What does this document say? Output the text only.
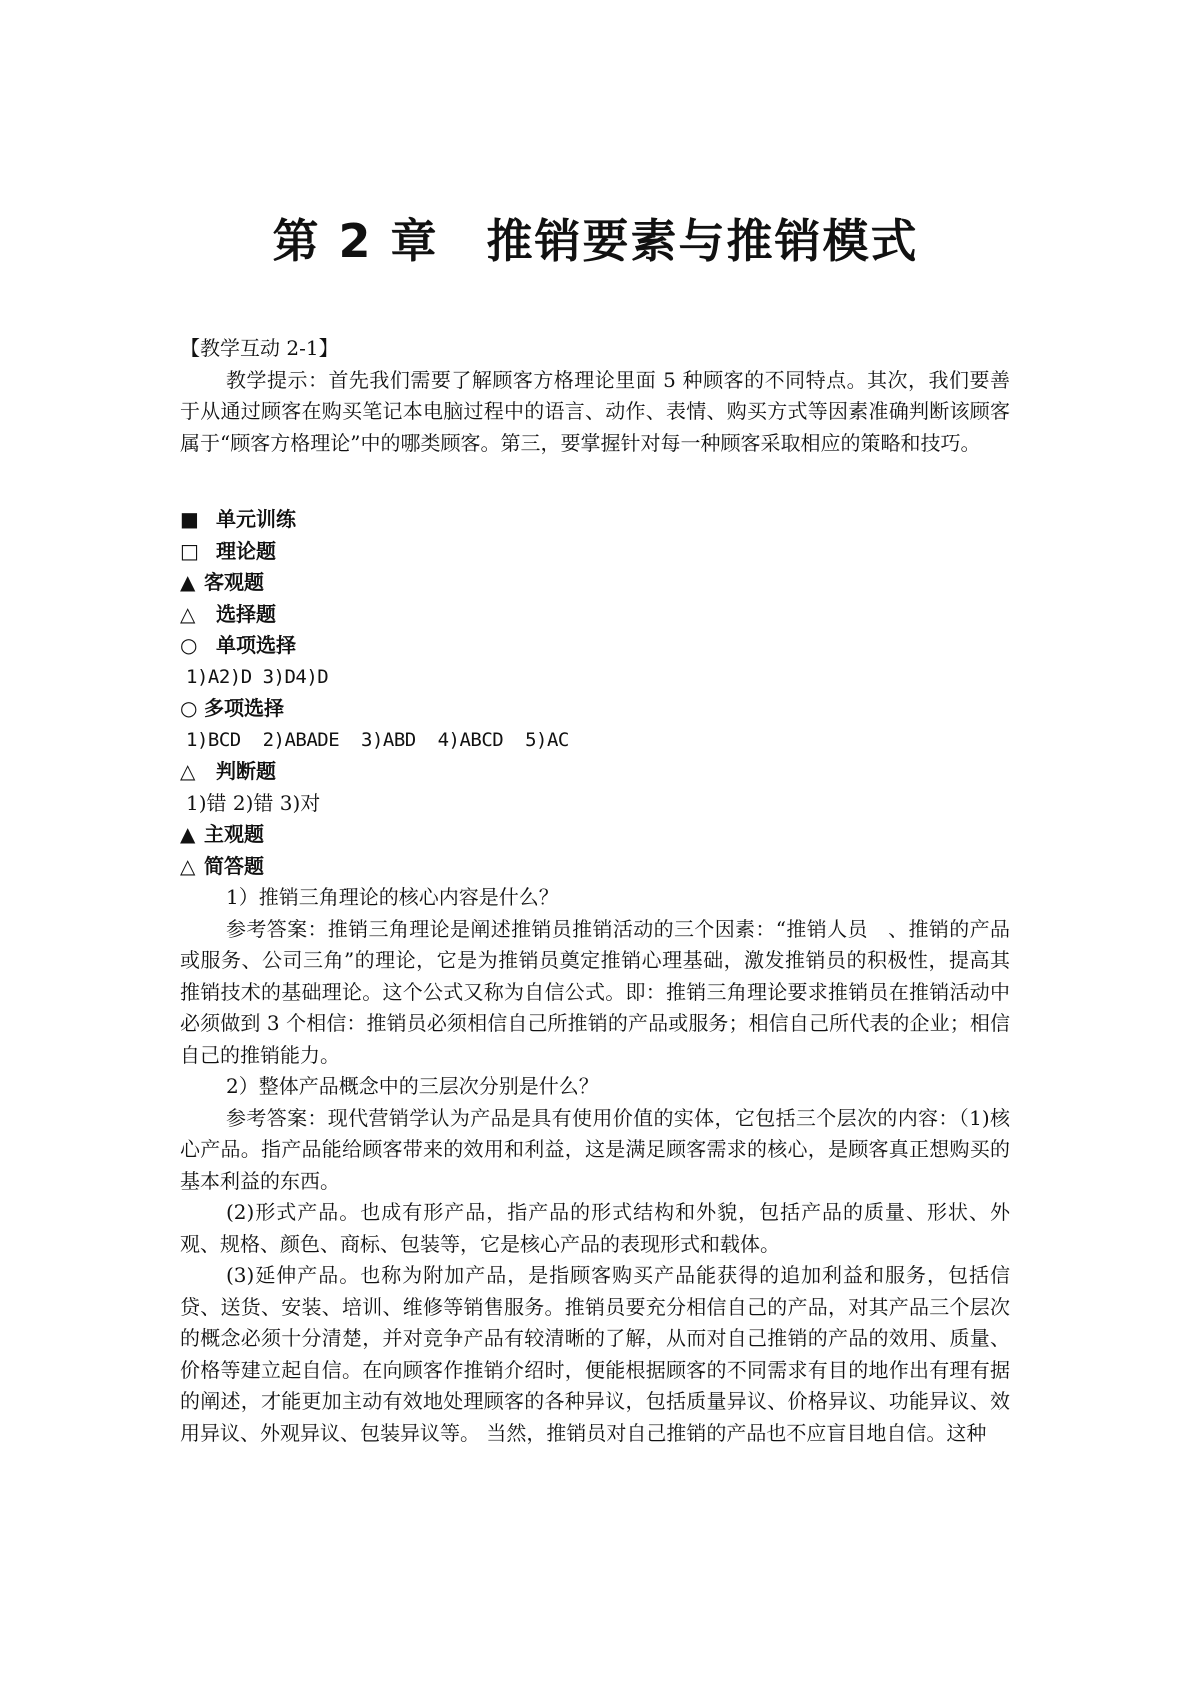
第 2 章　推销要素与推销模式
【教学互动 2-1】

教学提示：首先我们需要了解顾客方格理论里面 5 种顾客的不同特点。其次，我们要善于从通过顾客在购买笔记本电脑过程中的语言、动作、表情、购买方式等因素准确判断该顾客属于“顾客方格理论”中的哪类顾客。第三，要掌握针对每一种顾客采取相应的策略和技巧。

■ 单元训练
□ 理论题
▲ 客观题
△ 选择题
○ 单项选择
1)A2)D 3)D4)D
○ 多项选择
1)BCD  2)ABADE  3)ABD  4)ABCD  5)AC
△ 判断题
1)错 2)错 3)对
▲ 主观题
△ 简答题

1）推销三角理论的核心内容是什么？

参考答案：推销三角理论是阐述推销员推销活动的三个因素：“推销人员　、推销的产品或服务、公司三角”的理论，它是为推销员奠定推销心理基础，激发推销员的积极性，提高其推销技术的基础理论。这个公式又称为自信公式。即：推销三角理论要求推销员在推销活动中必须做到 3 个相信：推销员必须相信自己所推销的产品或服务；相信自己所代表的企业；相信自己的推销能力。

2）整体产品概念中的三层次分别是什么？

参考答案：现代营销学认为产品是具有使用价值的实体，它包括三个层次的内容：（1)核心产品。指产品能给顾客带来的效用和利益，这是满足顾客需求的核心，是顾客真正想购买的基本利益的东西。

(2)形式产品。也成有形产品，指产品的形式结构和外貌，包括产品的质量、形状、外观、规格、颜色、商标、包装等，它是核心产品的表现形式和载体。

(3)延伸产品。也称为附加产品，是指顾客购买产品能获得的追加利益和服务，包括信贷、送货、安装、培训、维修等销售服务。推销员要充分相信自己的产品，对其产品三个层次的概念必须十分清楚，并对竞争产品有较清晰的了解，从而对自己推销的产品的效用、质量、价格等建立起自信。在向顾客作推销介绍时，便能根据顾客的不同需求有目的地作出有理有据的阐述，才能更加主动有效地处理顾客的各种异议，包括质量异议、价格异议、功能异议、效用异议、外观异议、包装异议等。 当然，推销员对自己推销的产品也不应盲目地自信。这种
